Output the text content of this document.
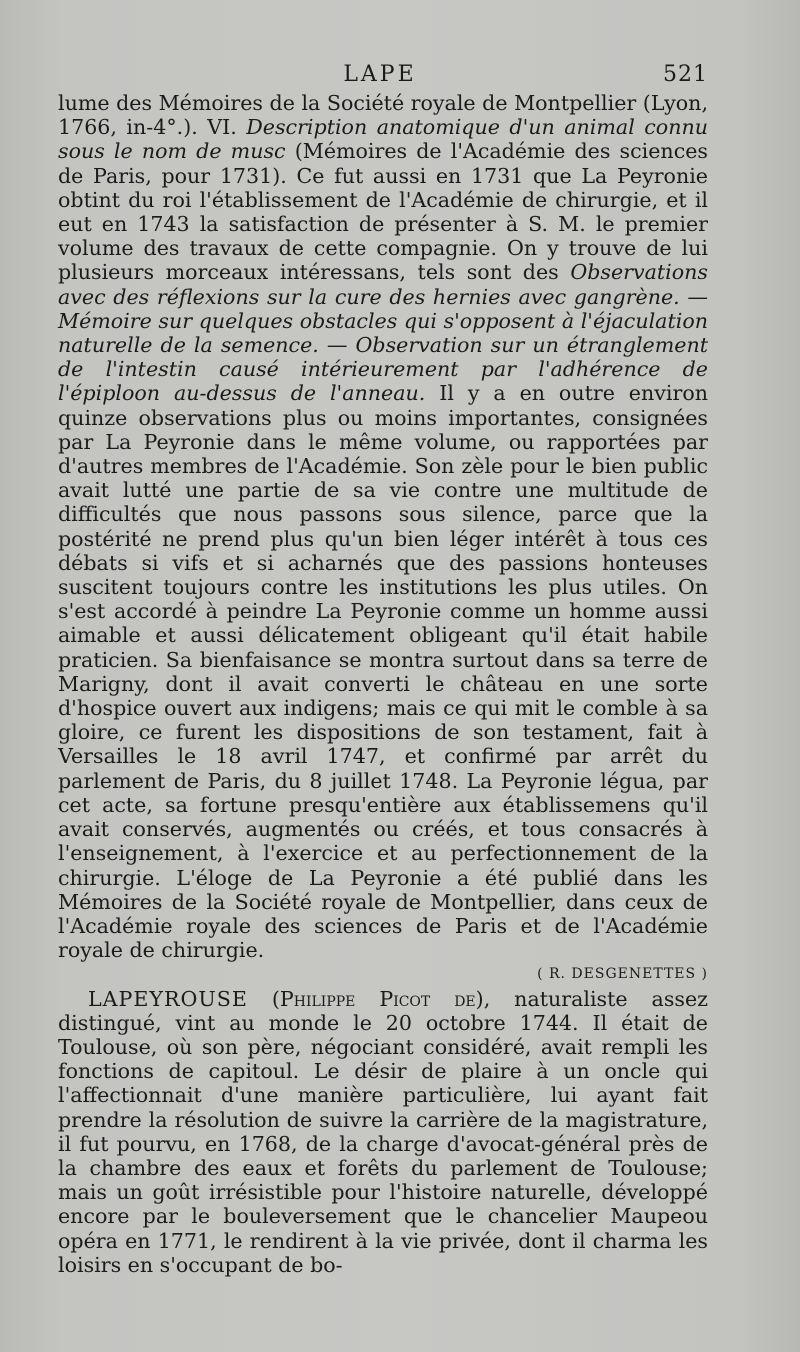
LAPE	521

lume des Mémoires de la Société royale de Montpellier (Lyon, 1766, in-4°.). VI. Description anatomique d'un animal connu sous le nom de musc (Mémoires de l'Académie des sciences de Paris, pour 1731). Ce fut aussi en 1731 que La Peyronie obtint du roi l'établissement de l'Académie de chirurgie, et il eut en 1743 la satisfaction de présenter à S. M. le premier volume des travaux de cette compagnie. On y trouve de lui plusieurs morceaux intéressans, tels sont des Observations avec des réflexions sur la cure des hernies avec gangrène. — Mémoire sur quelques obstacles qui s'opposent à l'éjaculation naturelle de la semence. — Observation sur un étranglement de l'intestin causé intérieurement par l'adhérence de l'épiploon au-dessus de l'anneau. Il y a en outre environ quinze observations plus ou moins importantes, consignées par La Peyronie dans le même volume, ou rapportées par d'autres membres de l'Académie. Son zèle pour le bien public avait lutté une partie de sa vie contre une multitude de difficultés que nous passons sous silence, parce que la postérité ne prend plus qu'un bien léger intérêt à tous ces débats si vifs et si acharnés que des passions honteuses suscitent toujours contre les institutions les plus utiles. On s'est accordé à peindre La Peyronie comme un homme aussi aimable et aussi délicatement obligeant qu'il était habile praticien. Sa bienfaisance se montra surtout dans sa terre de Marigny, dont il avait converti le château en une sorte d'hospice ouvert aux indigens; mais ce qui mit le comble à sa gloire, ce furent les dispositions de son testament, fait à Versailles le 18 avril 1747, et confirmé par arrêt du parlement de Paris, du 8 juillet 1748. La Peyronie légua, par cet acte, sa fortune presqu'entière aux établissemens qu'il avait conservés, augmentés ou créés, et tous consacrés à l'enseignement, à l'exercice et au perfectionnement de la chirurgie. L'éloge de La Peyronie a été publié dans les Mémoires de la Société royale de Montpellier, dans ceux de l'Académie royale des sciences de Paris et de l'Académie royale de chirurgie.

( R. DESGENETTES )

LAPEYROUSE (Philippe Picot de), naturaliste assez distingué, vint au monde le 20 octobre 1744. Il était de Toulouse, où son père, négociant considéré, avait rempli les fonctions de capitoul. Le désir de plaire à un oncle qui l'affectionnait d'une manière particulière, lui ayant fait prendre la résolution de suivre la carrière de la magistrature, il fut pourvu, en 1768, de la charge d'avocat-général près de la chambre des eaux et forêts du parlement de Toulouse; mais un goût irrésistible pour l'histoire naturelle, développé encore par le bouleversement que le chancelier Maupeou opéra en 1771, le rendirent à la vie privée, dont il charma les loisirs en s'occupant de bo-
